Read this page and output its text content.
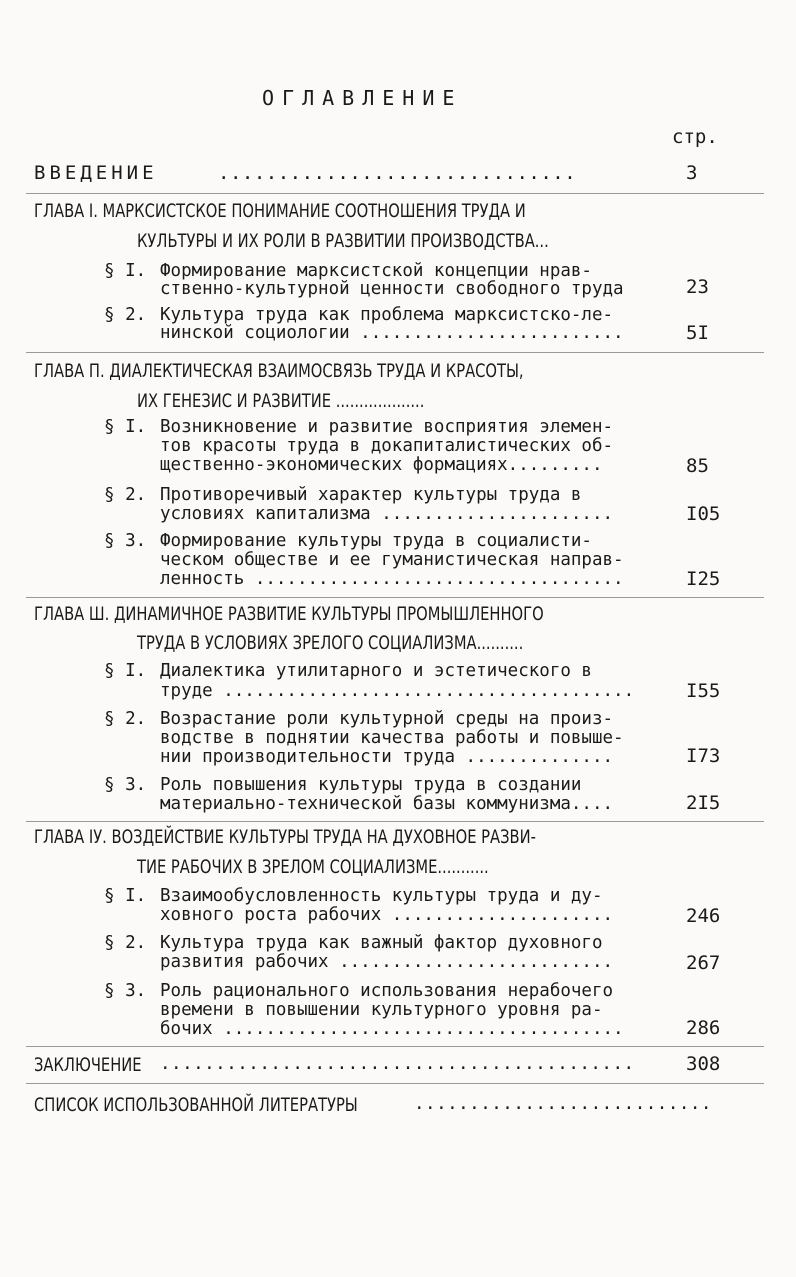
ОГЛАВЛЕНИЕ
стр.
ВВЕДЕНИЕ	..............................	3
ГЛАВА I. МАРКСИСТСКОЕ ПОНИМАНИЕ СООТНОШЕНИЯ ТРУДА И
КУЛЬТУРЫ И ИХ РОЛИ В РАЗВИТИИ ПРОИЗВОДСТВА...
§ I. Формирование марксистской концепции нрав-
ственно-культурной ценности свободного труда	23
§ 2. Культура труда как проблема марксистско-ле-
нинской социологии .........................	5I
ГЛАВА П. ДИАЛЕКТИЧЕСКАЯ ВЗАИМОСВЯЗЬ ТРУДА И КРАСОТЫ,
ИХ ГЕНЕЗИС И РАЗВИТИЕ ...................
§ I. Возникновение и развитие восприятия элемен-
тов красоты труда в докапиталистических об-
щественно-экономических формациях.........	85
§ 2. Противоречивый характер культуры труда в
условиях капитализма ......................	I05
§ 3. Формирование культуры труда в социалисти-
ческом обществе и ее гуманистическая направ-
ленность ...................................	I25
ГЛАВА Ш. ДИНАМИЧНОЕ РАЗВИТИЕ КУЛЬТУРЫ ПРОМЫШЛЕННОГО
ТРУДА В УСЛОВИЯХ ЗРЕЛОГО СОЦИАЛИЗМА..........
§ I. Диалектика утилитарного и эстетического в
труде .......................................	I55
§ 2. Возрастание роли культурной среды на произ-
водстве в поднятии качества работы и повыше-
нии производительности труда ..............	I73
§ 3. Роль повышения культуры труда в создании
материально-технической базы коммунизма....	2I5
ГЛАВА IУ. ВОЗДЕЙСТВИЕ КУЛЬТУРЫ ТРУДА НА ДУХОВНОЕ РАЗВИ-
ТИЕ РАБОЧИХ В ЗРЕЛОМ СОЦИАЛИЗМЕ...........
§ I. Взаимообусловленность культуры труда и ду-
ховного роста рабочих .....................	246
§ 2. Культура труда как важный фактор духовного
развития рабочих ..........................	267
§ 3. Роль рационального использования нерабочего
времени в повышении культурного уровня ра-
бочих ......................................	286
ЗАКЛЮЧЕНИЕ ...........................................	308
СПИСОК ИСПОЛЬЗОВАННОЙ ЛИТЕРАТУРЫ	...........................
